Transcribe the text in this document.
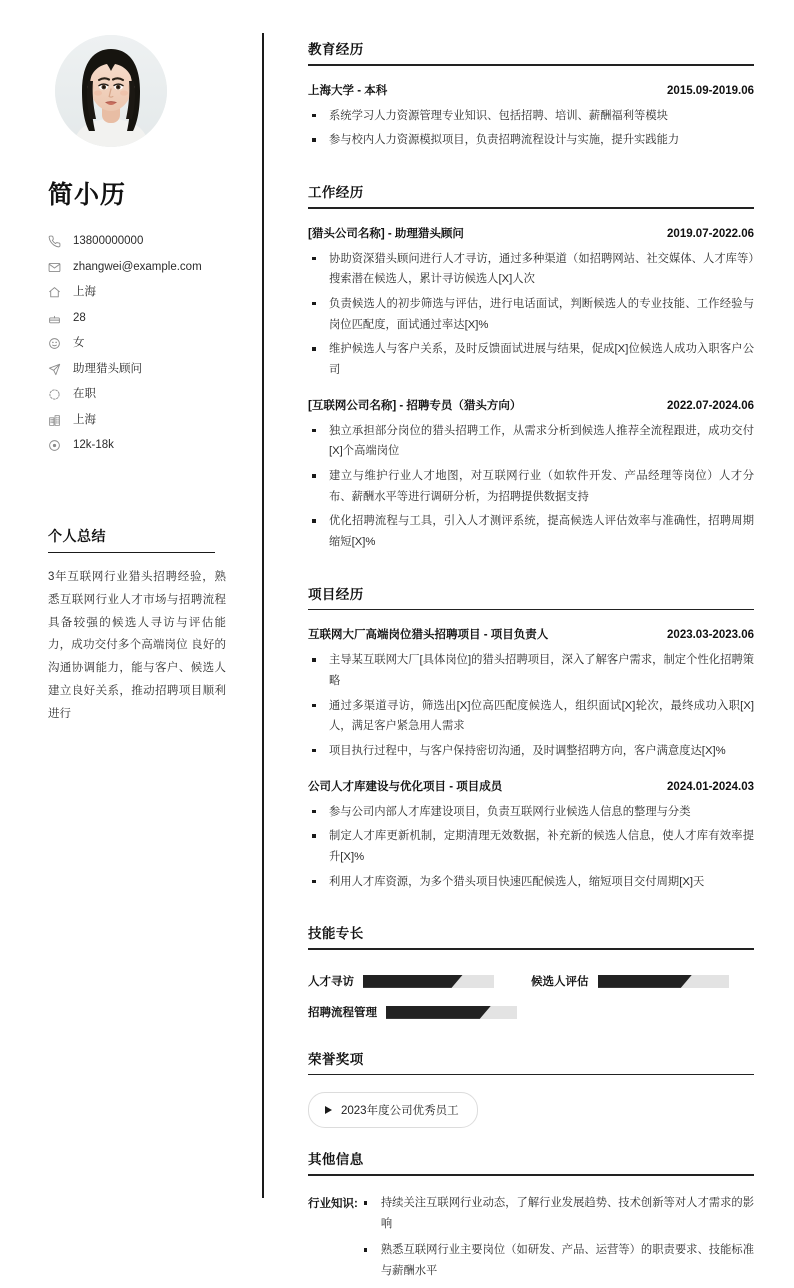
简小历
13800000000
zhangwei@example.com
上海
28
女
助理猎头顾问
在职
上海
12k-18k
个人总结

3年互联网行业猎头招聘经验，熟悉互联网行业人才市场与招聘流程 具备较强的候选人寻访与评估能力，成功交付多个高端岗位 良好的沟通协调能力，能与客户、候选人建立良好关系，推动招聘项目顺利进行

教育经历
上海大学 - 本科	2015.09-2019.06
系统学习人力资源管理专业知识、包括招聘、培训、薪酬福利等模块
参与校内人力资源模拟项目，负责招聘流程设计与实施，提升实践能力
工作经历
[猎头公司名称] - 助理猎头顾问	2019.07-2022.06
协助资深猎头顾问进行人才寻访，通过多种渠道（如招聘网站、社交媒体、人才库等）搜索潜在候选人，累计寻访候选人[X]人次
负责候选人的初步筛选与评估，进行电话面试，判断候选人的专业技能、工作经验与岗位匹配度，面试通过率达[X]%
维护候选人与客户关系，及时反馈面试进展与结果，促成[X]位候选人成功入职客户公司
[互联网公司名称] - 招聘专员（猎头方向）	2022.07-2024.06
独立承担部分岗位的猎头招聘工作，从需求分析到候选人推荐全流程跟进，成功交付[X]个高端岗位
建立与维护行业人才地图，对互联网行业（如软件开发、产品经理等岗位）人才分布、薪酬水平等进行调研分析，为招聘提供数据支持
优化招聘流程与工具，引入人才测评系统，提高候选人评估效率与准确性，招聘周期缩短[X]%
项目经历
互联网大厂高端岗位猎头招聘项目 - 项目负责人	2023.03-2023.06
主导某互联网大厂[具体岗位]的猎头招聘项目，深入了解客户需求，制定个性化招聘策略
通过多渠道寻访，筛选出[X]位高匹配度候选人，组织面试[X]轮次，最终成功入职[X]人，满足客户紧急用人需求
项目执行过程中，与客户保持密切沟通，及时调整招聘方向，客户满意度达[X]%
公司人才库建设与优化项目 - 项目成员	2024.01-2024.03
参与公司内部人才库建设项目，负责互联网行业候选人信息的整理与分类
制定人才库更新机制，定期清理无效数据，补充新的候选人信息，使人才库有效率提升[X]%
利用人才库资源，为多个猎头项目快速匹配候选人，缩短项目交付周期[X]天
技能专长
人才寻访	候选人评估
招聘流程管理
荣誉奖项
2023年度公司优秀员工
其他信息
行业知识:	持续关注互联网行业动态，了解行业发展趋势、技术创新等对人才需求的影响
熟悉互联网行业主要岗位（如研发、产品、运营等）的职责要求、技能标准与薪酬水平
